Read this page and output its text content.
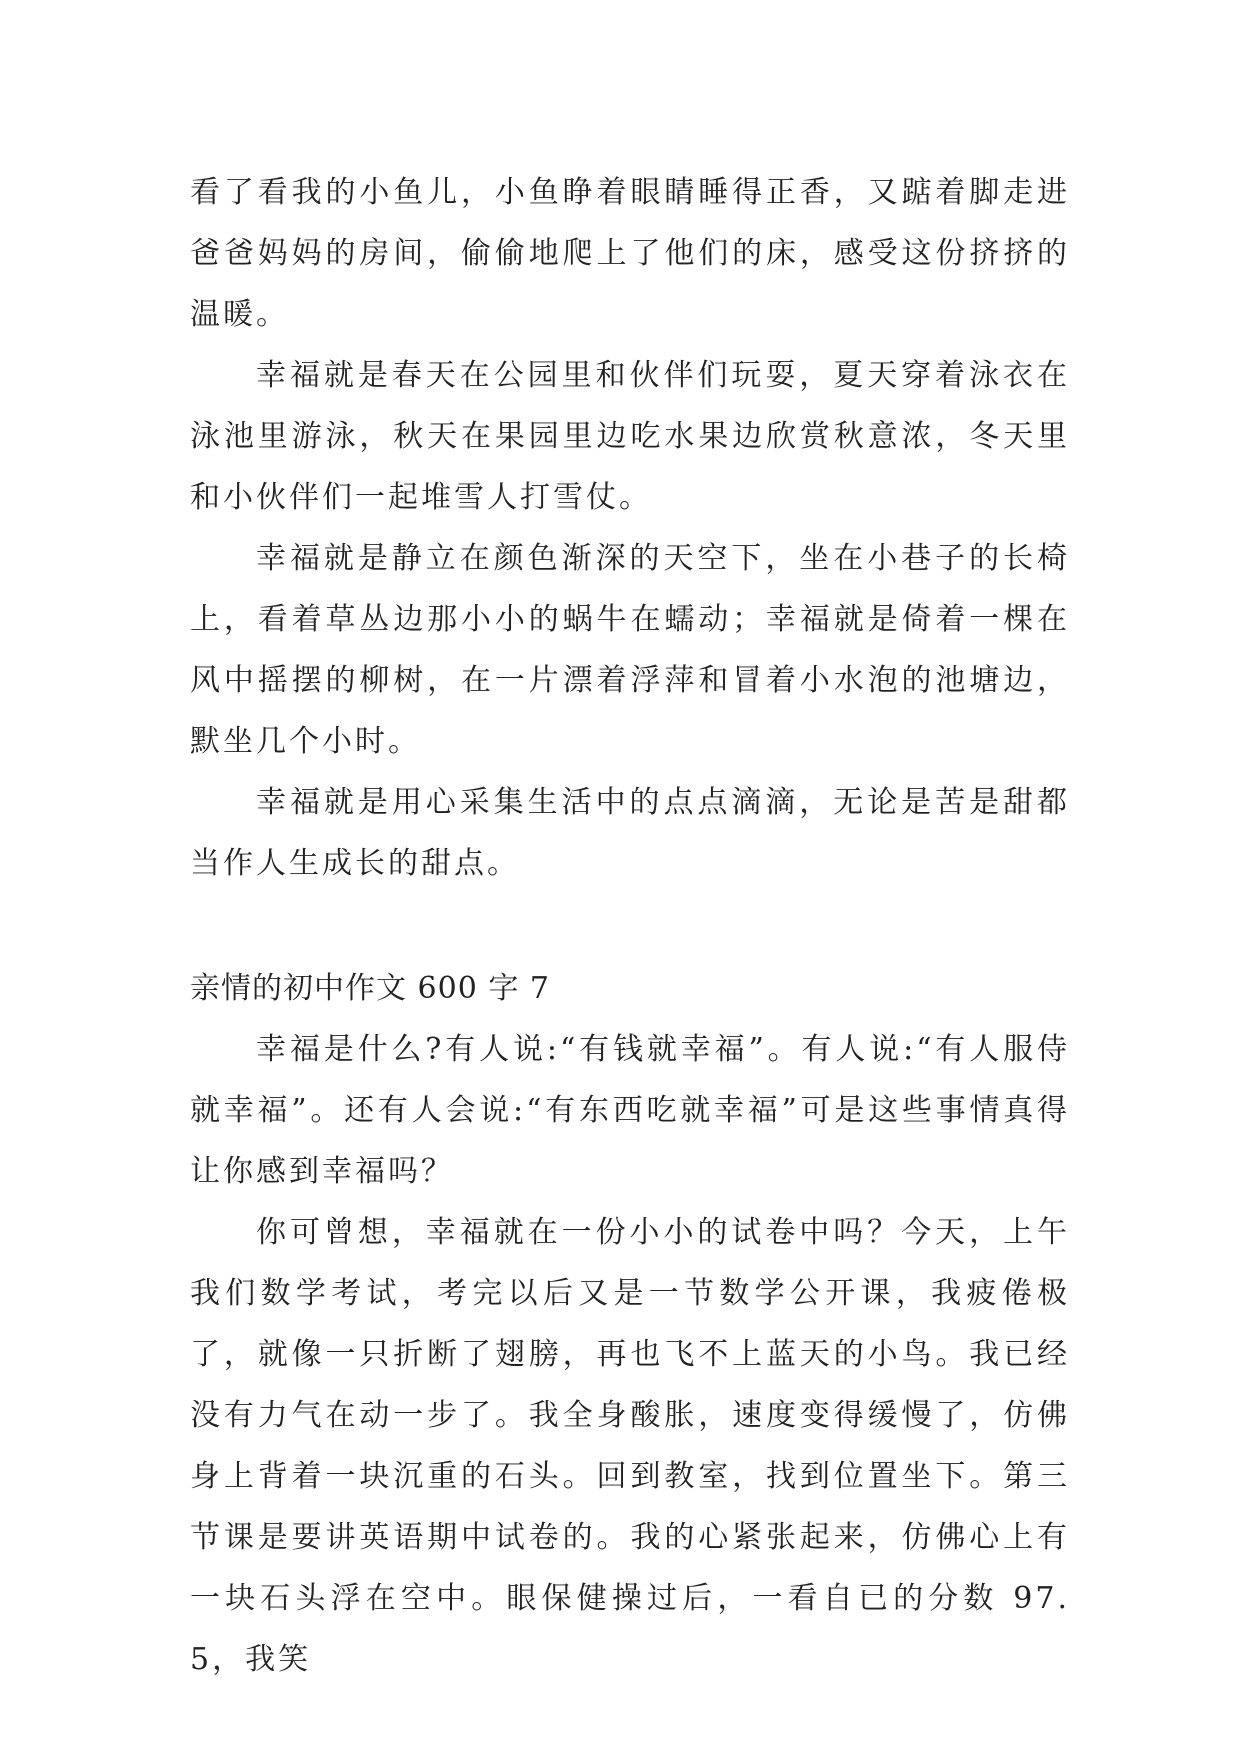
看了看我的小鱼儿，小鱼睁着眼睛睡得正香，又踮着脚走进爸爸妈妈的房间，偷偷地爬上了他们的床，感受这份挤挤的温暖。

幸福就是春天在公园里和伙伴们玩耍，夏天穿着泳衣在泳池里游泳，秋天在果园里边吃水果边欣赏秋意浓，冬天里和小伙伴们一起堆雪人打雪仗。

幸福就是静立在颜色渐深的天空下，坐在小巷子的长椅上，看着草丛边那小小的蜗牛在蠕动；幸福就是倚着一棵在风中摇摆的柳树，在一片漂着浮萍和冒着小水泡的池塘边，默坐几个小时。

幸福就是用心采集生活中的点点滴滴，无论是苦是甜都当作人生成长的甜点。

亲情的初中作文 600 字 7

幸福是什么?有人说:“有钱就幸福”。有人说:“有人服侍就幸福”。还有人会说:“有东西吃就幸福”可是这些事情真得让你感到幸福吗？

你可曾想，幸福就在一份小小的试卷中吗？今天，上午我们数学考试，考完以后又是一节数学公开课，我疲倦极了，就像一只折断了翅膀，再也飞不上蓝天的小鸟。我已经没有力气在动一步了。我全身酸胀，速度变得缓慢了，仿佛身上背着一块沉重的石头。回到教室，找到位置坐下。第三节课是要讲英语期中试卷的。我的心紧张起来，仿佛心上有一块石头浮在空中。眼保健操过后，一看自已的分数 97.5，我笑
